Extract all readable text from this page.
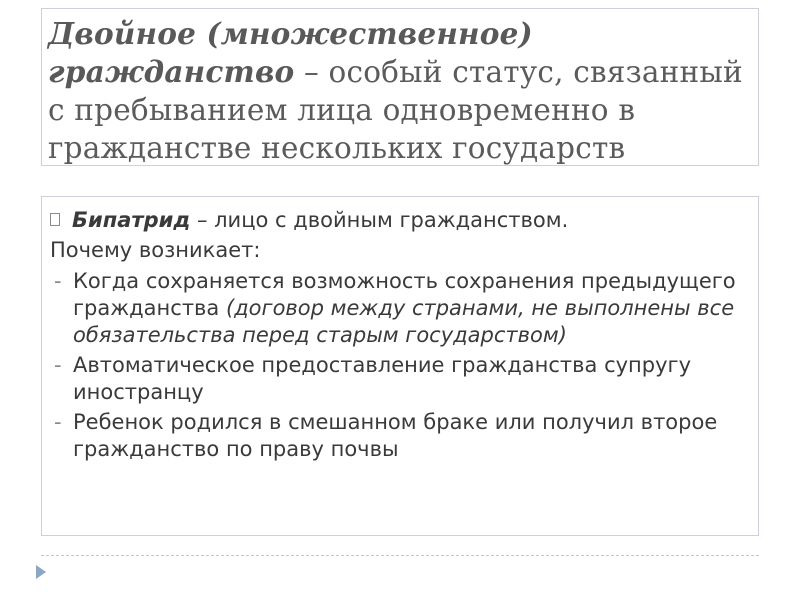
Двойное (множественное) гражданство – особый статус, связанный с пребыванием лица одновременно в гражданстве нескольких государств
Бипатрид – лицо с двойным гражданством.
Почему возникает:
- Когда сохраняется возможность сохранения предыдущего гражданства (договор между странами, не выполнены все обязательства перед старым государством)
- Автоматическое предоставление гражданства супругу иностранцу
- Ребенок родился в смешанном браке или получил второе гражданство по праву почвы
